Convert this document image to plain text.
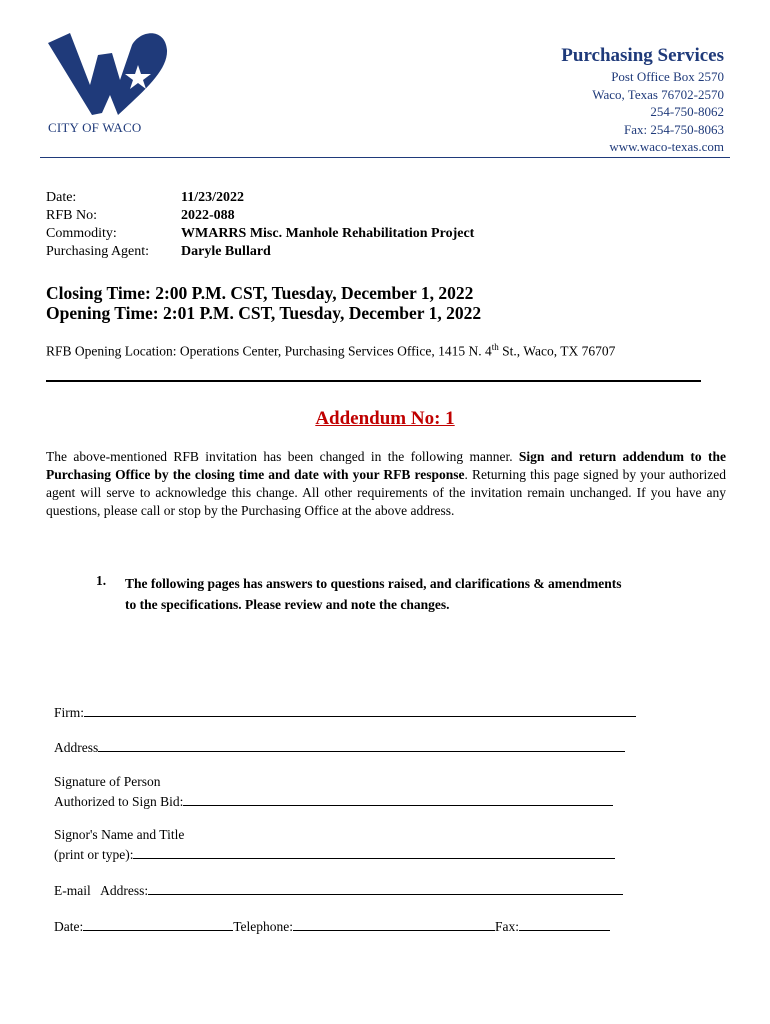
CITY OF WACO
Purchasing Services
Post Office Box 2570
Waco, Texas 76702-2570
254-750-8062
Fax: 254-750-8063
www.waco-texas.com
Date:	11/23/2022
RFB No:	2022-088
Commodity:	WMARRS Misc. Manhole Rehabilitation Project
Purchasing Agent: Daryle Bullard
Closing Time: 2:00 P.M. CST, Tuesday, December 1, 2022
Opening Time: 2:01 P.M. CST, Tuesday, December 1, 2022
RFB Opening Location: Operations Center, Purchasing Services Office, 1415 N. 4th St., Waco, TX 76707
Addendum No: 1
The above-mentioned RFB invitation has been changed in the following manner. Sign and return addendum to the Purchasing Office by the closing time and date with your RFB response. Returning this page signed by your authorized agent will serve to acknowledge this change. All other requirements of the invitation remain unchanged. If you have any questions, please call or stop by the Purchasing Office at the above address.
1. The following pages has answers to questions raised, and clarifications & amendments to the specifications. Please review and note the changes.
Firm:
Address
Signature of Person
Authorized to Sign Bid:
Signor's Name and Title
(print or type):
E-mail   Address:
Date:	Telephone:	Fax:
